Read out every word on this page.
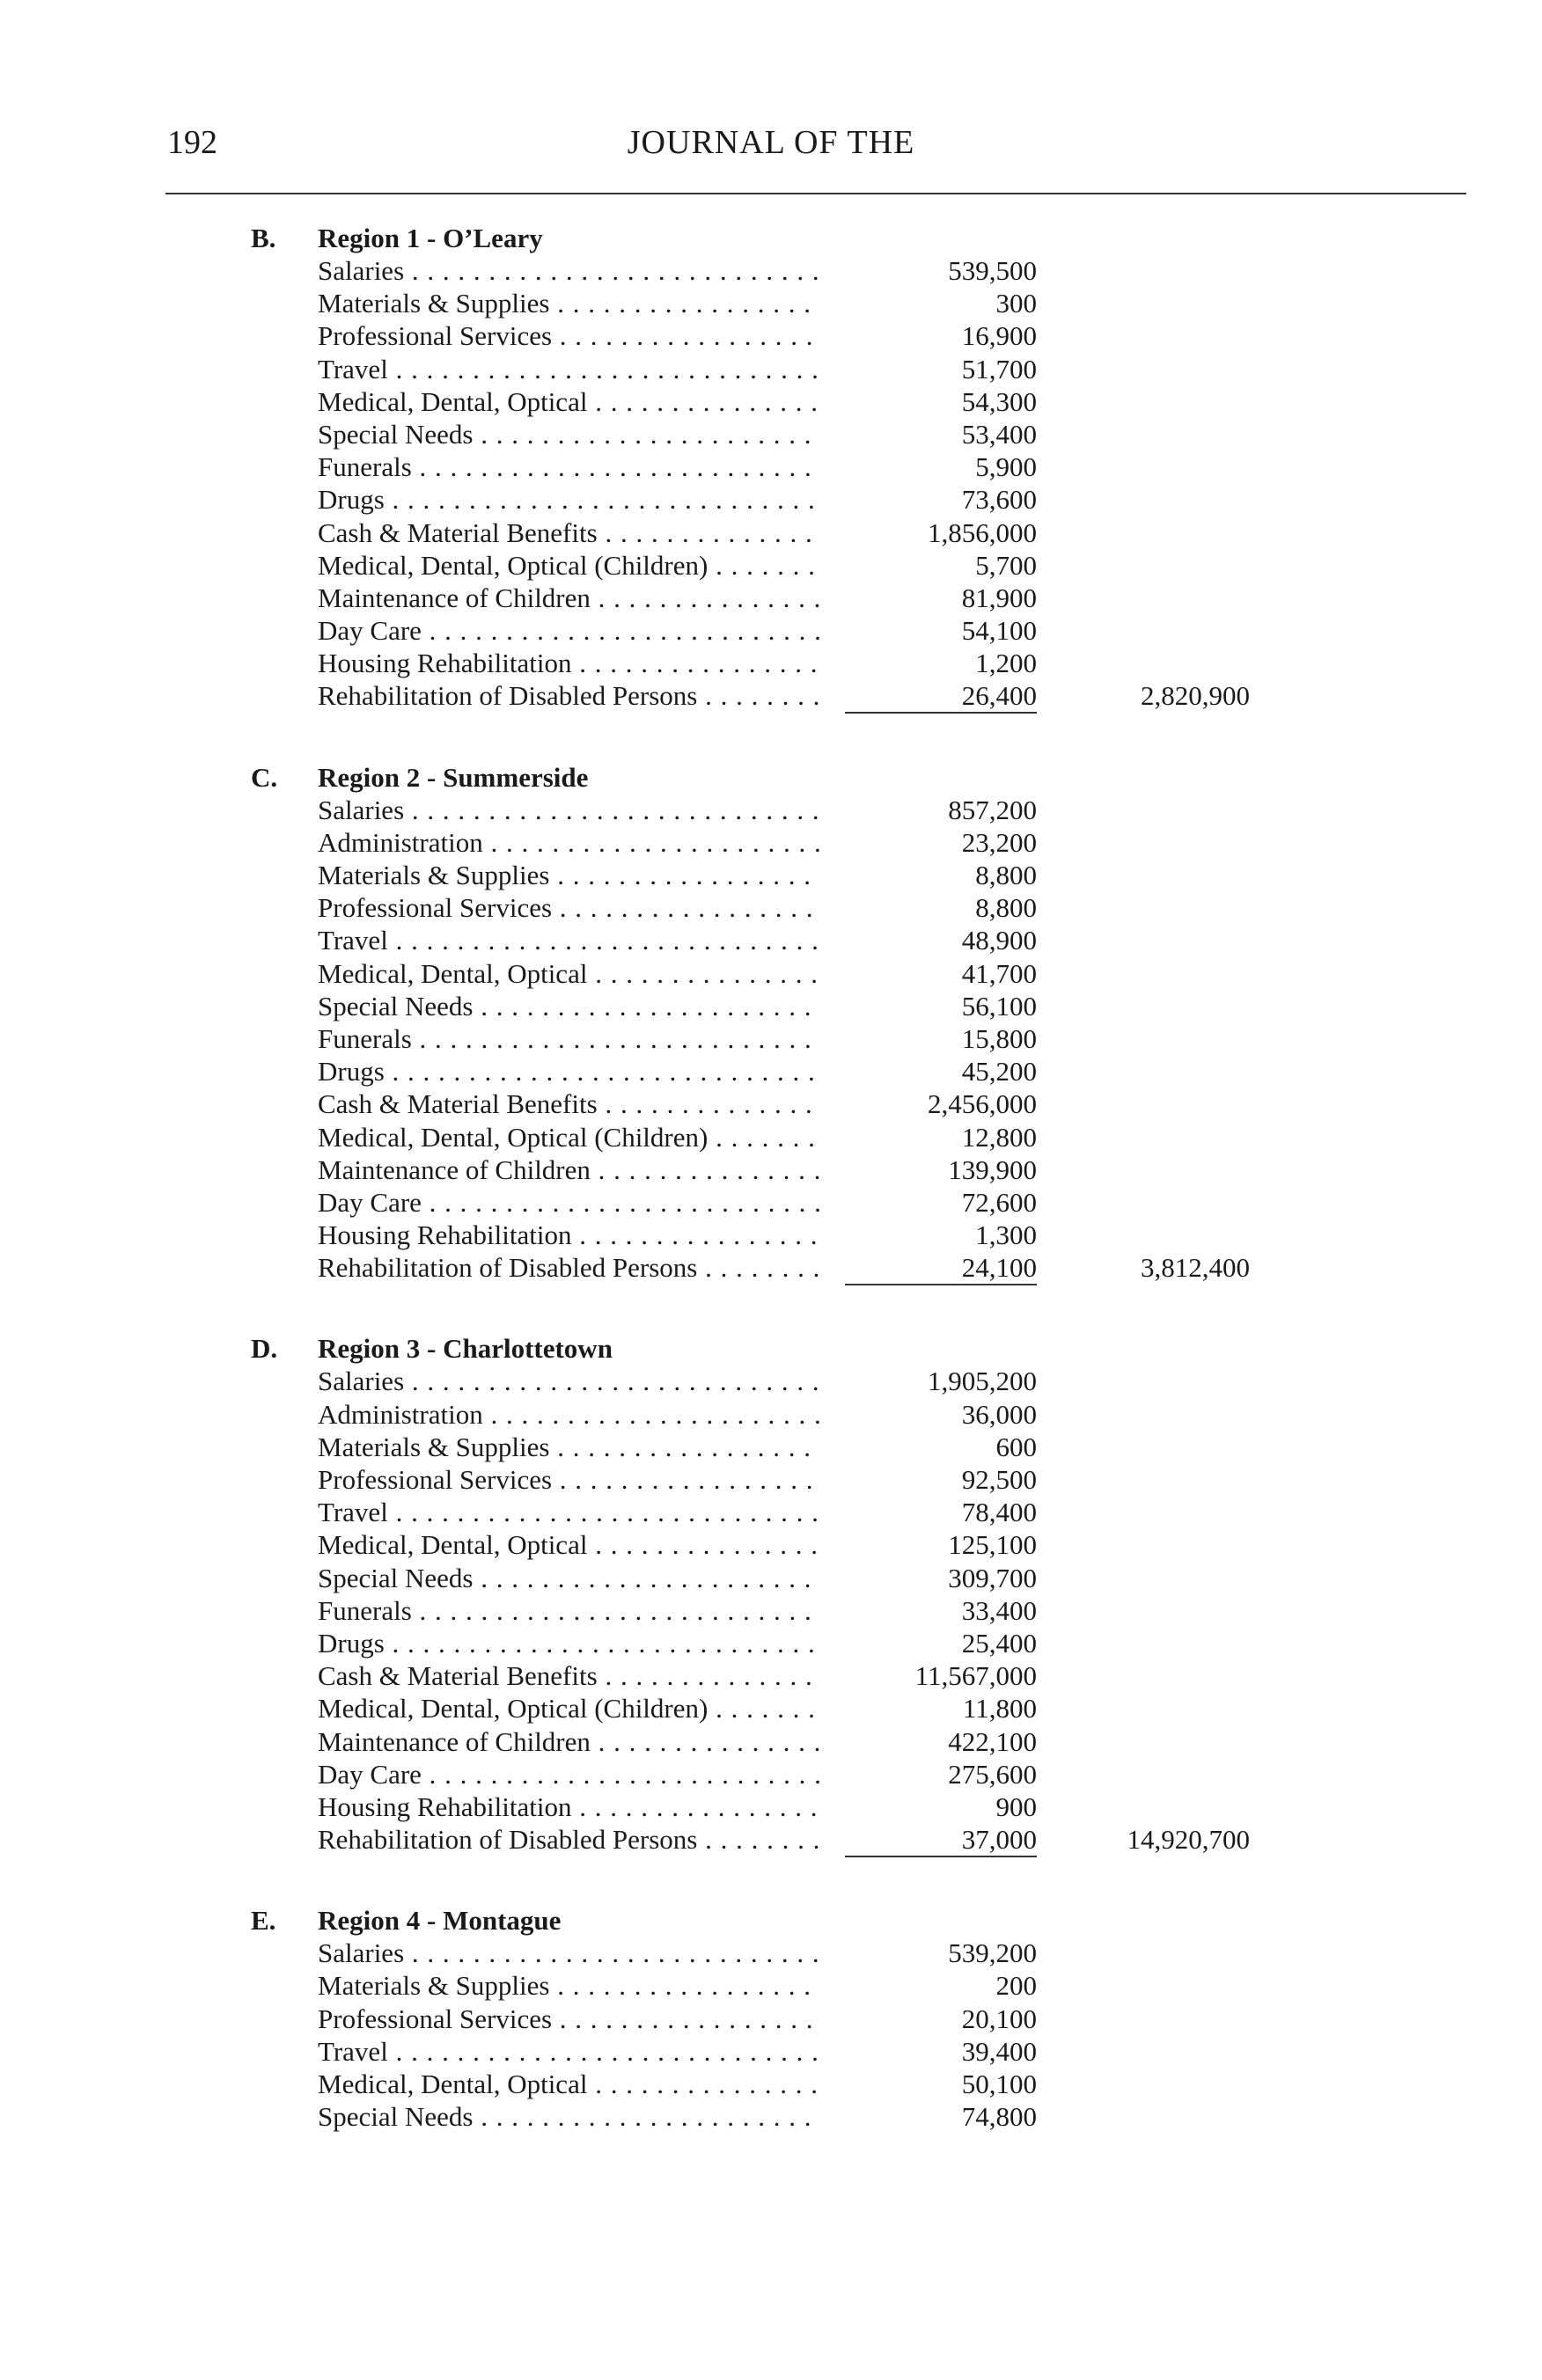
192	JOURNAL OF THE
B. Region 1 - O’Leary
Salaries . . .	539,500
Materials & Supplies . . .	300
Professional Services . . .	16,900
Travel . . .	51,700
Medical, Dental, Optical . . .	54,300
Special Needs . . .	53,400
Funerals . . .	5,900
Drugs . . .	73,600
Cash & Material Benefits . . .	1,856,000
Medical, Dental, Optical (Children) . . .	5,700
Maintenance of Children . . .	81,900
Day Care . . .	54,100
Housing Rehabilitation . . .	1,200
Rehabilitation of Disabled Persons . . .	26,400	2,820,900
C. Region 2 - Summerside
Salaries . . .	857,200
Administration . . .	23,200
Materials & Supplies . . .	8,800
Professional Services . . .	8,800
Travel . . .	48,900
Medical, Dental, Optical . . .	41,700
Special Needs . . .	56,100
Funerals . . .	15,800
Drugs . . .	45,200
Cash & Material Benefits . . .	2,456,000
Medical, Dental, Optical (Children) . . .	12,800
Maintenance of Children . . .	139,900
Day Care . . .	72,600
Housing Rehabilitation . . .	1,300
Rehabilitation of Disabled Persons . . .	24,100	3,812,400
D. Region 3 - Charlottetown
Salaries . . .	1,905,200
Administration . . .	36,000
Materials & Supplies . . .	600
Professional Services . . .	92,500
Travel . . .	78,400
Medical, Dental, Optical . . .	125,100
Special Needs . . .	309,700
Funerals . . .	33,400
Drugs . . .	25,400
Cash & Material Benefits . . .	11,567,000
Medical, Dental, Optical (Children) . . .	11,800
Maintenance of Children . . .	422,100
Day Care . . .	275,600
Housing Rehabilitation . . .	900
Rehabilitation of Disabled Persons . . .	37,000	14,920,700
E. Region 4 - Montague
Salaries . . .	539,200
Materials & Supplies . . .	200
Professional Services . . .	20,100
Travel . . .	39,400
Medical, Dental, Optical . . .	50,100
Special Needs . . .	74,800
